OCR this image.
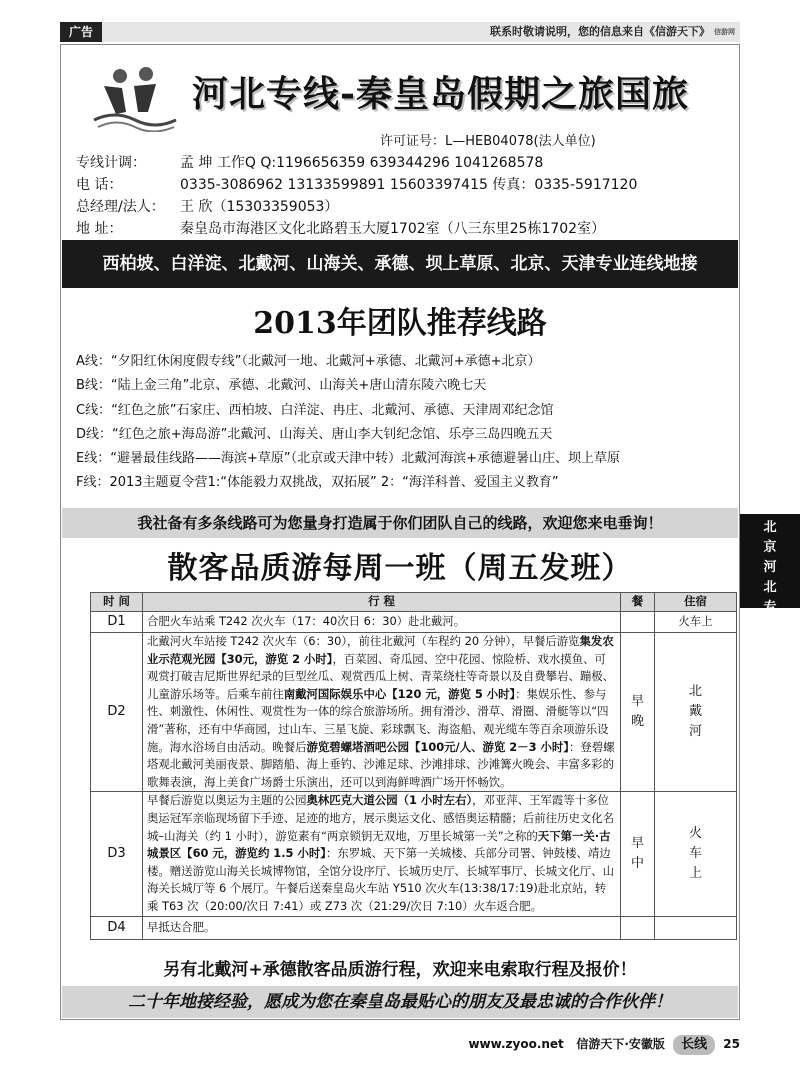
广告	联系时敬请说明，您的信息来自《信游天下》 信游网
河北专线-秦皇岛假期之旅国旅
许可证号：L—HEB04078(法人单位)
专线计调： 孟 坤 工作Q Q:1196656359 639344296 1041268578
电 话：	0335-3086962 13133599891 15603397415 传真：0335-5917120
总经理/法人： 王 欣（15303359053）
地 址：	秦皇岛市海港区文化北路碧玉大厦1702室（八三东里25栋1702室）
西柏坡、白洋淀、北戴河、山海关、承德、坝上草原、北京、天津专业连线地接
2013年团队推荐线路
A线：“夕阳红休闲度假专线”（北戴河一地、北戴河+承德、北戴河+承德+北京）
B线：“陆上金三角”北京、承德、北戴河、山海关+唐山清东陵六晚七天
C线：“红色之旅”石家庄、西柏坡、白洋淀、冉庄、北戴河、承德、天津周邓纪念馆
D线：“红色之旅+海岛游”北戴河、山海关、唐山李大钊纪念馆、乐亭三岛四晚五天
E线：“避暑最佳线路——海滨+草原”（北京或天津中转）北戴河海滨+承德避暑山庄、坝上草原
F线：2013主题夏令营1:“体能毅力双挑战，双拓展” 2：“海洋科普、爱国主义教育”
我社备有多条线路可为您量身打造属于你们团队自己的线路，欢迎您来电垂询！	北京河北专线
散客品质游每周一班（周五发班）
时 间	行 程	餐	住宿
D1	合肥火车站乘 T242 次火车（17：40次日 6：30）赴北戴河。		火车上
D2	北戴河火车站接 T242 次火车（6：30），前往北戴河（车程约 20 分钟），早餐后游览集发农业示范观光园【30元，游览 2 小时】，百菜园、奇瓜园、空中花园、惊险桥、戏水摸鱼、可观赏打破吉尼斯世界纪录的巨型丝瓜、观赏西瓜上树、青菜绕柱等奇景以及自费攀岩、蹦极、儿童游乐场等。后乘车前往南戴河国际娱乐中心【120 元，游览 5 小时】：集娱乐性、参与性、刺激性、休闲性、观赏性为一体的综合旅游场所。拥有滑沙、滑草、滑圈、滑艇等以“四滑”著称，还有中华商园，过山车、三星飞旋、彩球飘飞、海盗船、观光缆车等百余项游乐设施。海水浴场自由活动。晚餐后游览碧螺塔酒吧公园【100元/人、游览 2－3 小时】：登碧螺塔观北戴河美丽夜景、脚踏船、海上垂钓、沙滩足球、沙滩排球、沙滩篝火晚会、丰富多彩的歌舞表演，海上美食广场爵士乐演出，还可以到海鲜啤酒广场开怀畅饮。	早晚	北戴河
D3	早餐后游览以奥运为主题的公园奥林匹克大道公园（1 小时左右），邓亚萍、王军霞等十多位奥运冠军亲临现场留下手迹、足迹的地方，展示奥运文化、感悟奥运精髓；后前往历史文化名城–山海关（约 1 小时），游览素有“两京锁钥无双地，万里长城第一关”之称的天下第一关·古城景区【60 元，游览约 1.5 小时】：东罗城、天下第一关城楼、兵部分司署、钟鼓楼、靖边楼。赠送游览山海关长城博物馆，全馆分设序厅、长城历史厅、长城军事厅、长城文化厅、山海关长城厅等 6 个展厅。午餐后送秦皇岛火车站 Y510 次火车(13:38/17:19)赴北京站，转乘 T63 次（20:00/次日 7:41）或 Z73 次（21:29/次日 7:10）火车返合肥。	早中	火车上
D4	早抵达合肥。		
另有北戴河+承德散客品质游行程，欢迎来电索取行程及报价！
二十年地接经验，愿成为您在秦皇岛最贴心的朋友及最忠诚的合作伙伴！
www.zyoo.net 信游天下·安徽版 长线 25
